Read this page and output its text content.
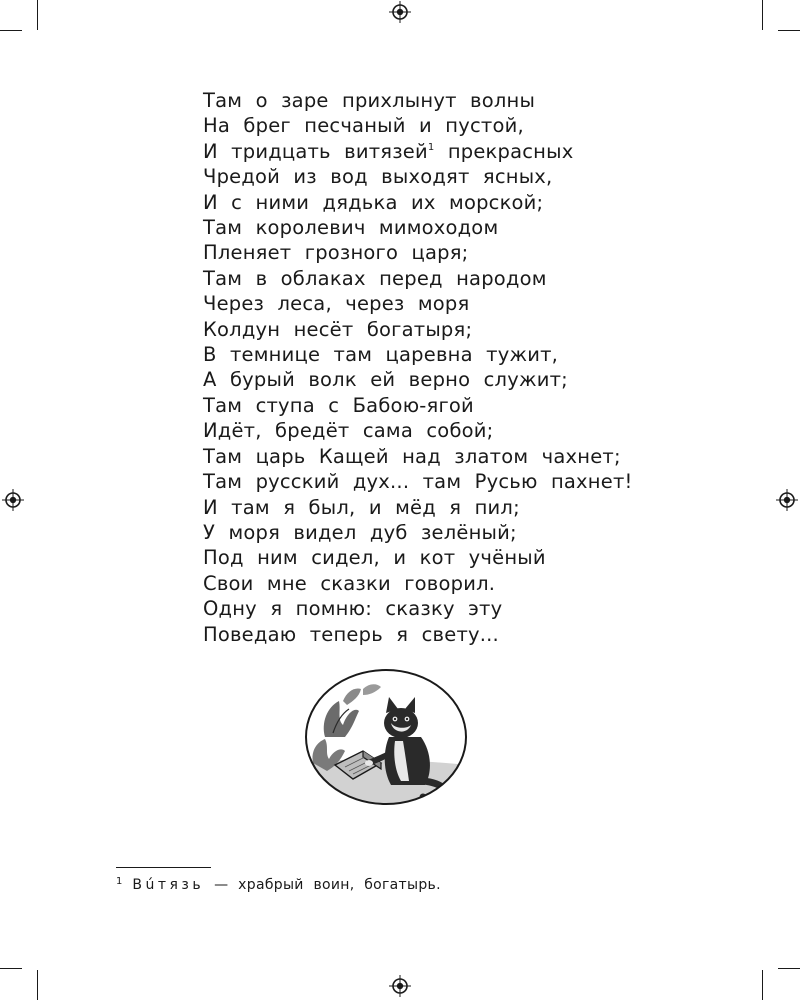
Там о заре прихлынут волны
На брег песчаный и пустой,
И тридцать витязей$^1$ прекрасных
Чредой из вод выходят ясных,
И с ними дядька их морской;
Там королевич мимоходом
Пленяет грозного царя;
Там в облаках перед народом
Через леса, через моря
Колдун несёт богатыря;
В темнице там царевна тужит,
А бурый волк ей верно служит;
Там ступа с Бабою-ягой
Идёт, бредёт сама собой;
Там царь Кащей над златом чахнет;
Там русский дух... там Русью пахнет!
И там я был, и мёд я пил;
У моря видел дуб зелёный;
Под ним сидел, и кот учёный
Свои мне сказки говорил.
Одну я помню: сказку эту
Поведаю теперь я свету...
$^1$ Вúтязь — храбрый воин, богатырь.
